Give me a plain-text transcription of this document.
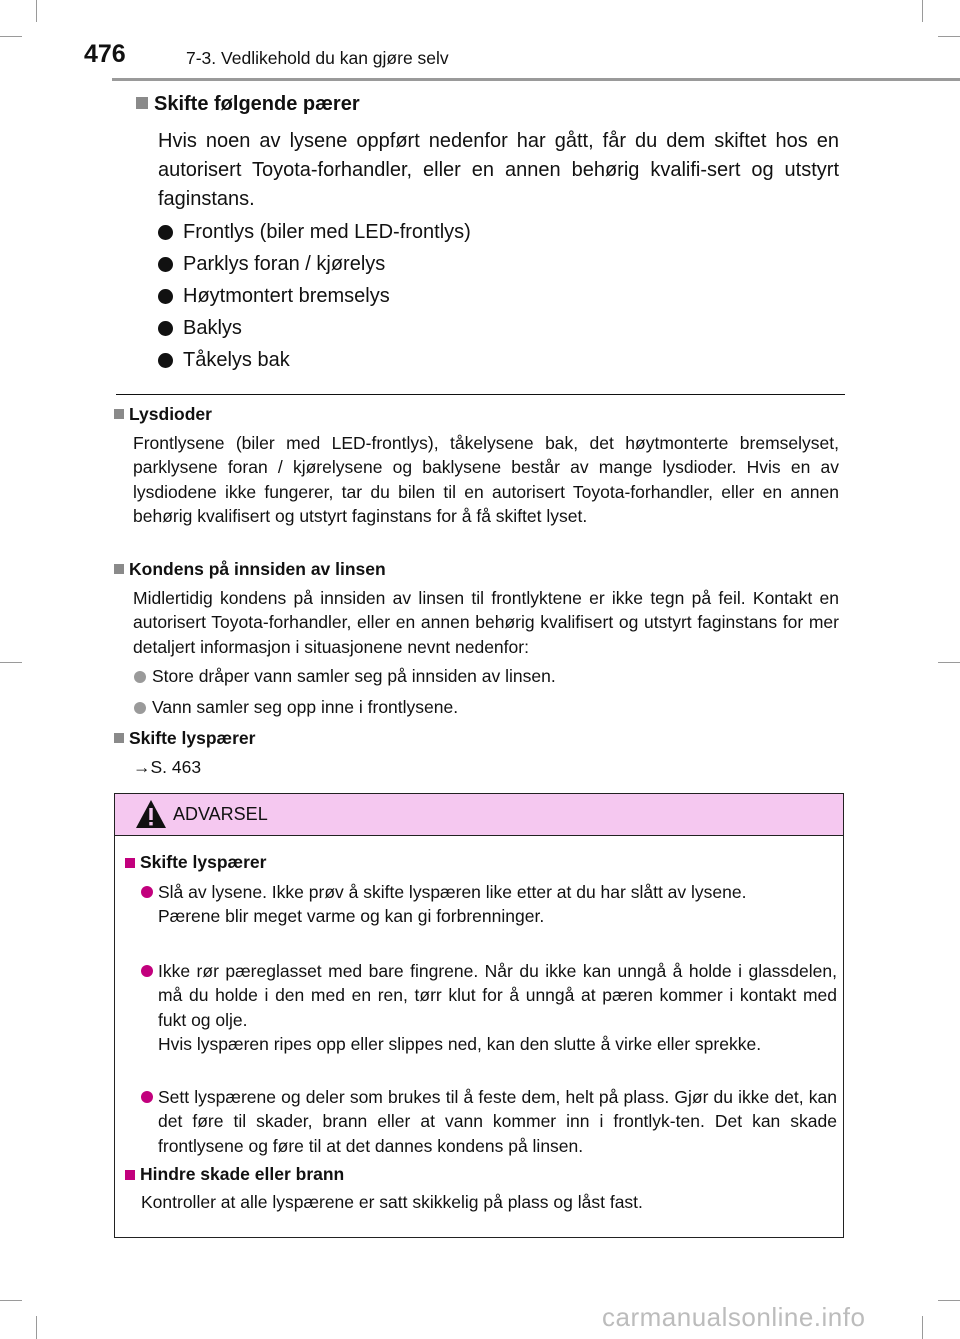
476	7-3. Vedlikehold du kan gjøre selv
Skifte følgende pærer

Hvis noen av lysene oppført nedenfor har gått, får du dem skiftet hos en autorisert Toyota-forhandler, eller en annen behørig kvalifi-sert og utstyrt faginstans.

Frontlys (biler med LED-frontlys)
Parklys foran / kjørelys
Høytmontert bremselys
Baklys
Tåkelys bak
Lysdioder

Frontlysene (biler med LED-frontlys), tåkelysene bak, det høytmonterte bremselyset, parklysene foran / kjørelysene og baklysene består av mange lysdioder. Hvis en av lysdiodene ikke fungerer, tar du bilen til en autorisert Toyota-forhandler, eller en annen behørig kvalifisert og utstyrt faginstans for å få skiftet lyset.

Kondens på innsiden av linsen

Midlertidig kondens på innsiden av linsen til frontlyktene er ikke tegn på feil. Kontakt en autorisert Toyota-forhandler, eller en annen behørig kvalifisert og utstyrt faginstans for mer detaljert informasjon i situasjonene nevnt nedenfor:

Store dråper vann samler seg på innsiden av linsen.
Vann samler seg opp inne i frontlysene.
Skifte lyspærer
→S. 463
ADVARSEL
Skifte lyspærer

Slå av lysene. Ikke prøv å skifte lyspæren like etter at du har slått av lysene.
Pærene blir meget varme og kan gi forbrenninger.

Ikke rør pæreglasset med bare fingrene. Når du ikke kan unngå å holde i glassdelen, må du holde i den med en ren, tørr klut for å unngå at pæren kommer i kontakt med fukt og olje.
Hvis lyspæren ripes opp eller slippes ned, kan den slutte å virke eller sprekke.

Sett lyspærene og deler som brukes til å feste dem, helt på plass. Gjør du ikke det, kan det føre til skader, brann eller at vann kommer inn i frontlyk-ten. Det kan skade frontlysene og føre til at det dannes kondens på linsen.

Hindre skade eller brann
Kontroller at alle lyspærene er satt skikkelig på plass og låst fast.
carmanualsonline.info
